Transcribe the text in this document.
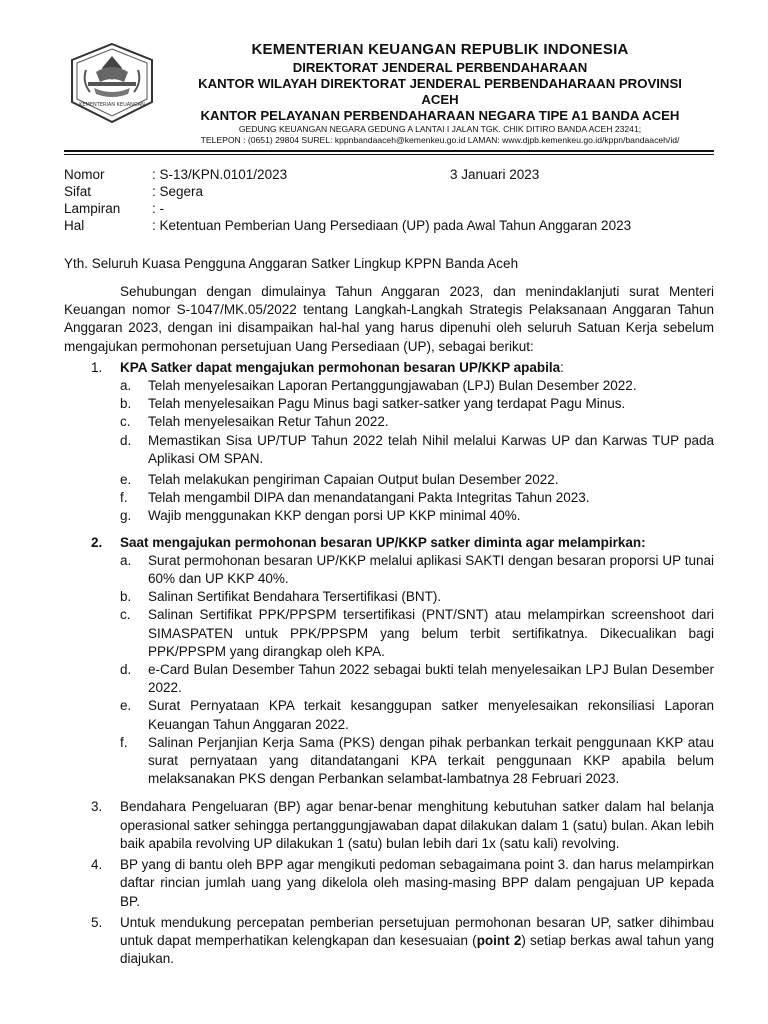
KEMENTERIAN KEUANGAN
KEMENTERIAN KEUANGAN REPUBLIK INDONESIA
DIREKTORAT JENDERAL PERBENDAHARAAN
KANTOR WILAYAH DIREKTORAT JENDERAL PERBENDAHARAAN PROVINSI
ACEH
KANTOR PELAYANAN PERBENDAHARAAN NEGARA TIPE A1 BANDA ACEH
GEDUNG KEUANGAN NEGARA GEDUNG A LANTAI I JALAN TGK. CHIK DITIRO BANDA ACEH 23241;
TELEPON : (0651) 29804 SUREL: kppnbandaaceh@kemenkeu.go.id LAMAN: www.djpb.kemenkeu.go.id/kppn/bandaaceh/id/
Nomor	: S-13/KPN.0101/2023	3 Januari 2023
Sifat	: Segera
Lampiran : -
Hal	: Ketentuan Pemberian Uang Persediaan (UP) pada Awal Tahun Anggaran 2023
Yth. Seluruh Kuasa Pengguna Anggaran Satker Lingkup KPPN Banda Aceh

Sehubungan dengan dimulainya Tahun Anggaran 2023, dan menindaklanjuti surat Menteri Keuangan nomor S-1047/MK.05/2022 tentang Langkah-Langkah Strategis Pelaksanaan Anggaran Tahun Anggaran 2023, dengan ini disampaikan hal-hal yang harus dipenuhi oleh seluruh Satuan Kerja sebelum mengajukan permohonan persetujuan Uang Persediaan (UP), sebagai berikut:

1. KPA Satker dapat mengajukan permohonan besaran UP/KKP apabila:
a. Telah menyelesaikan Laporan Pertanggungjawaban (LPJ) Bulan Desember 2022.
b. Telah menyelesaikan Pagu Minus bagi satker-satker yang terdapat Pagu Minus.
c. Telah menyelesaikan Retur Tahun 2022.
d. Memastikan Sisa UP/TUP Tahun 2022 telah Nihil melalui Karwas UP dan Karwas TUP pada Aplikasi OM SPAN.
e. Telah melakukan pengiriman Capaian Output bulan Desember 2022.
f. Telah mengambil DIPA dan menandatangani Pakta Integritas Tahun 2023.
g. Wajib menggunakan KKP dengan porsi UP KKP minimal 40%.
2. Saat mengajukan permohonan besaran UP/KKP satker diminta agar melampirkan:
a. Surat permohonan besaran UP/KKP melalui aplikasi SAKTI dengan besaran proporsi UP tunai 60% dan UP KKP 40%.
b. Salinan Sertifikat Bendahara Tersertifikasi (BNT).
c. Salinan Sertifikat PPK/PPSPM tersertifikasi (PNT/SNT) atau melampirkan screenshoot dari SIMASPATEN untuk PPK/PPSPM yang belum terbit sertifikatnya. Dikecualikan bagi PPK/PPSPM yang dirangkap oleh KPA.
d. e-Card Bulan Desember Tahun 2022 sebagai bukti telah menyelesaikan LPJ Bulan Desember 2022.
e. Surat Pernyataan KPA terkait kesanggupan satker menyelesaikan rekonsiliasi Laporan Keuangan Tahun Anggaran 2022.
f. Salinan Perjanjian Kerja Sama (PKS) dengan pihak perbankan terkait penggunaan KKP atau surat pernyataan yang ditandatangani KPA terkait penggunaan KKP apabila belum melaksanakan PKS dengan Perbankan selambat-lambatnya 28 Februari 2023.
3. Bendahara Pengeluaran (BP) agar benar-benar menghitung kebutuhan satker dalam hal belanja operasional satker sehingga pertanggungjawaban dapat dilakukan dalam 1 (satu) bulan. Akan lebih baik apabila revolving UP dilakukan 1 (satu) bulan lebih dari 1x (satu kali) revolving.
4. BP yang di bantu oleh BPP agar mengikuti pedoman sebagaimana point 3. dan harus melampirkan daftar rincian jumlah uang yang dikelola oleh masing-masing BPP dalam pengajuan UP kepada BP.
5. Untuk mendukung percepatan pemberian persetujuan permohonan besaran UP, satker dihimbau untuk dapat memperhatikan kelengkapan dan kesesuaian (point 2) setiap berkas awal tahun yang diajukan.
